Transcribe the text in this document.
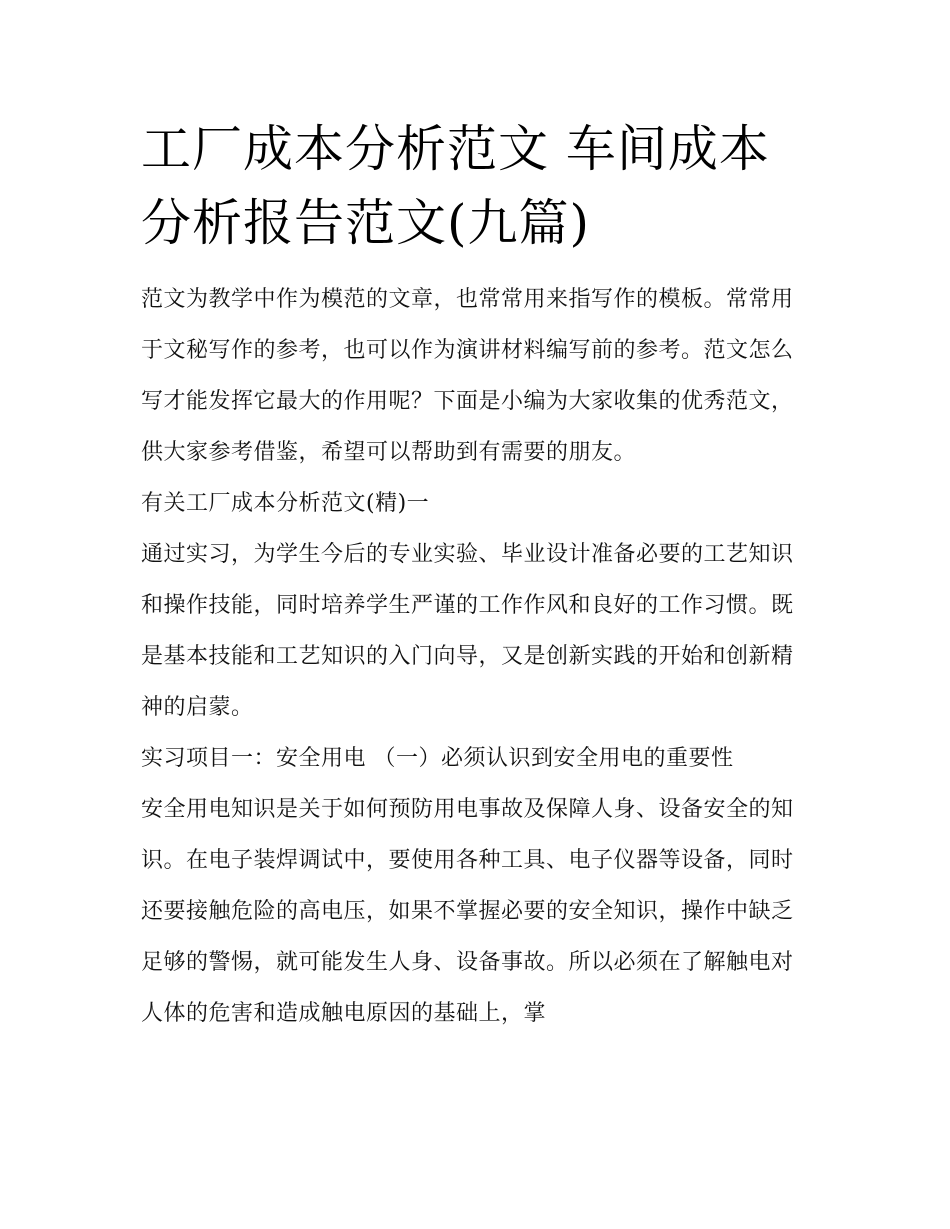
工厂成本分析范文 车间成本分析报告范文(九篇)

范文为教学中作为模范的文章，也常常用来指写作的模板。常常用于文秘写作的参考，也可以作为演讲材料编写前的参考。范文怎么写才能发挥它最大的作用呢？下面是小编为大家收集的优秀范文，供大家参考借鉴，希望可以帮助到有需要的朋友。

有关工厂成本分析范文(精)一

通过实习，为学生今后的专业实验、毕业设计准备必要的工艺知识和操作技能，同时培养学生严谨的工作作风和良好的工作习惯。既是基本技能和工艺知识的入门向导，又是创新实践的开始和创新精神的启蒙。

实习项目一：安全用电 （一）必须认识到安全用电的重要性

安全用电知识是关于如何预防用电事故及保障人身、设备安全的知识。在电子装焊调试中，要使用各种工具、电子仪器等设备，同时还要接触危险的高电压，如果不掌握必要的安全知识，操作中缺乏足够的警惕，就可能发生人身、设备事故。所以必须在了解触电对人体的危害和造成触电原因的基础上，掌
